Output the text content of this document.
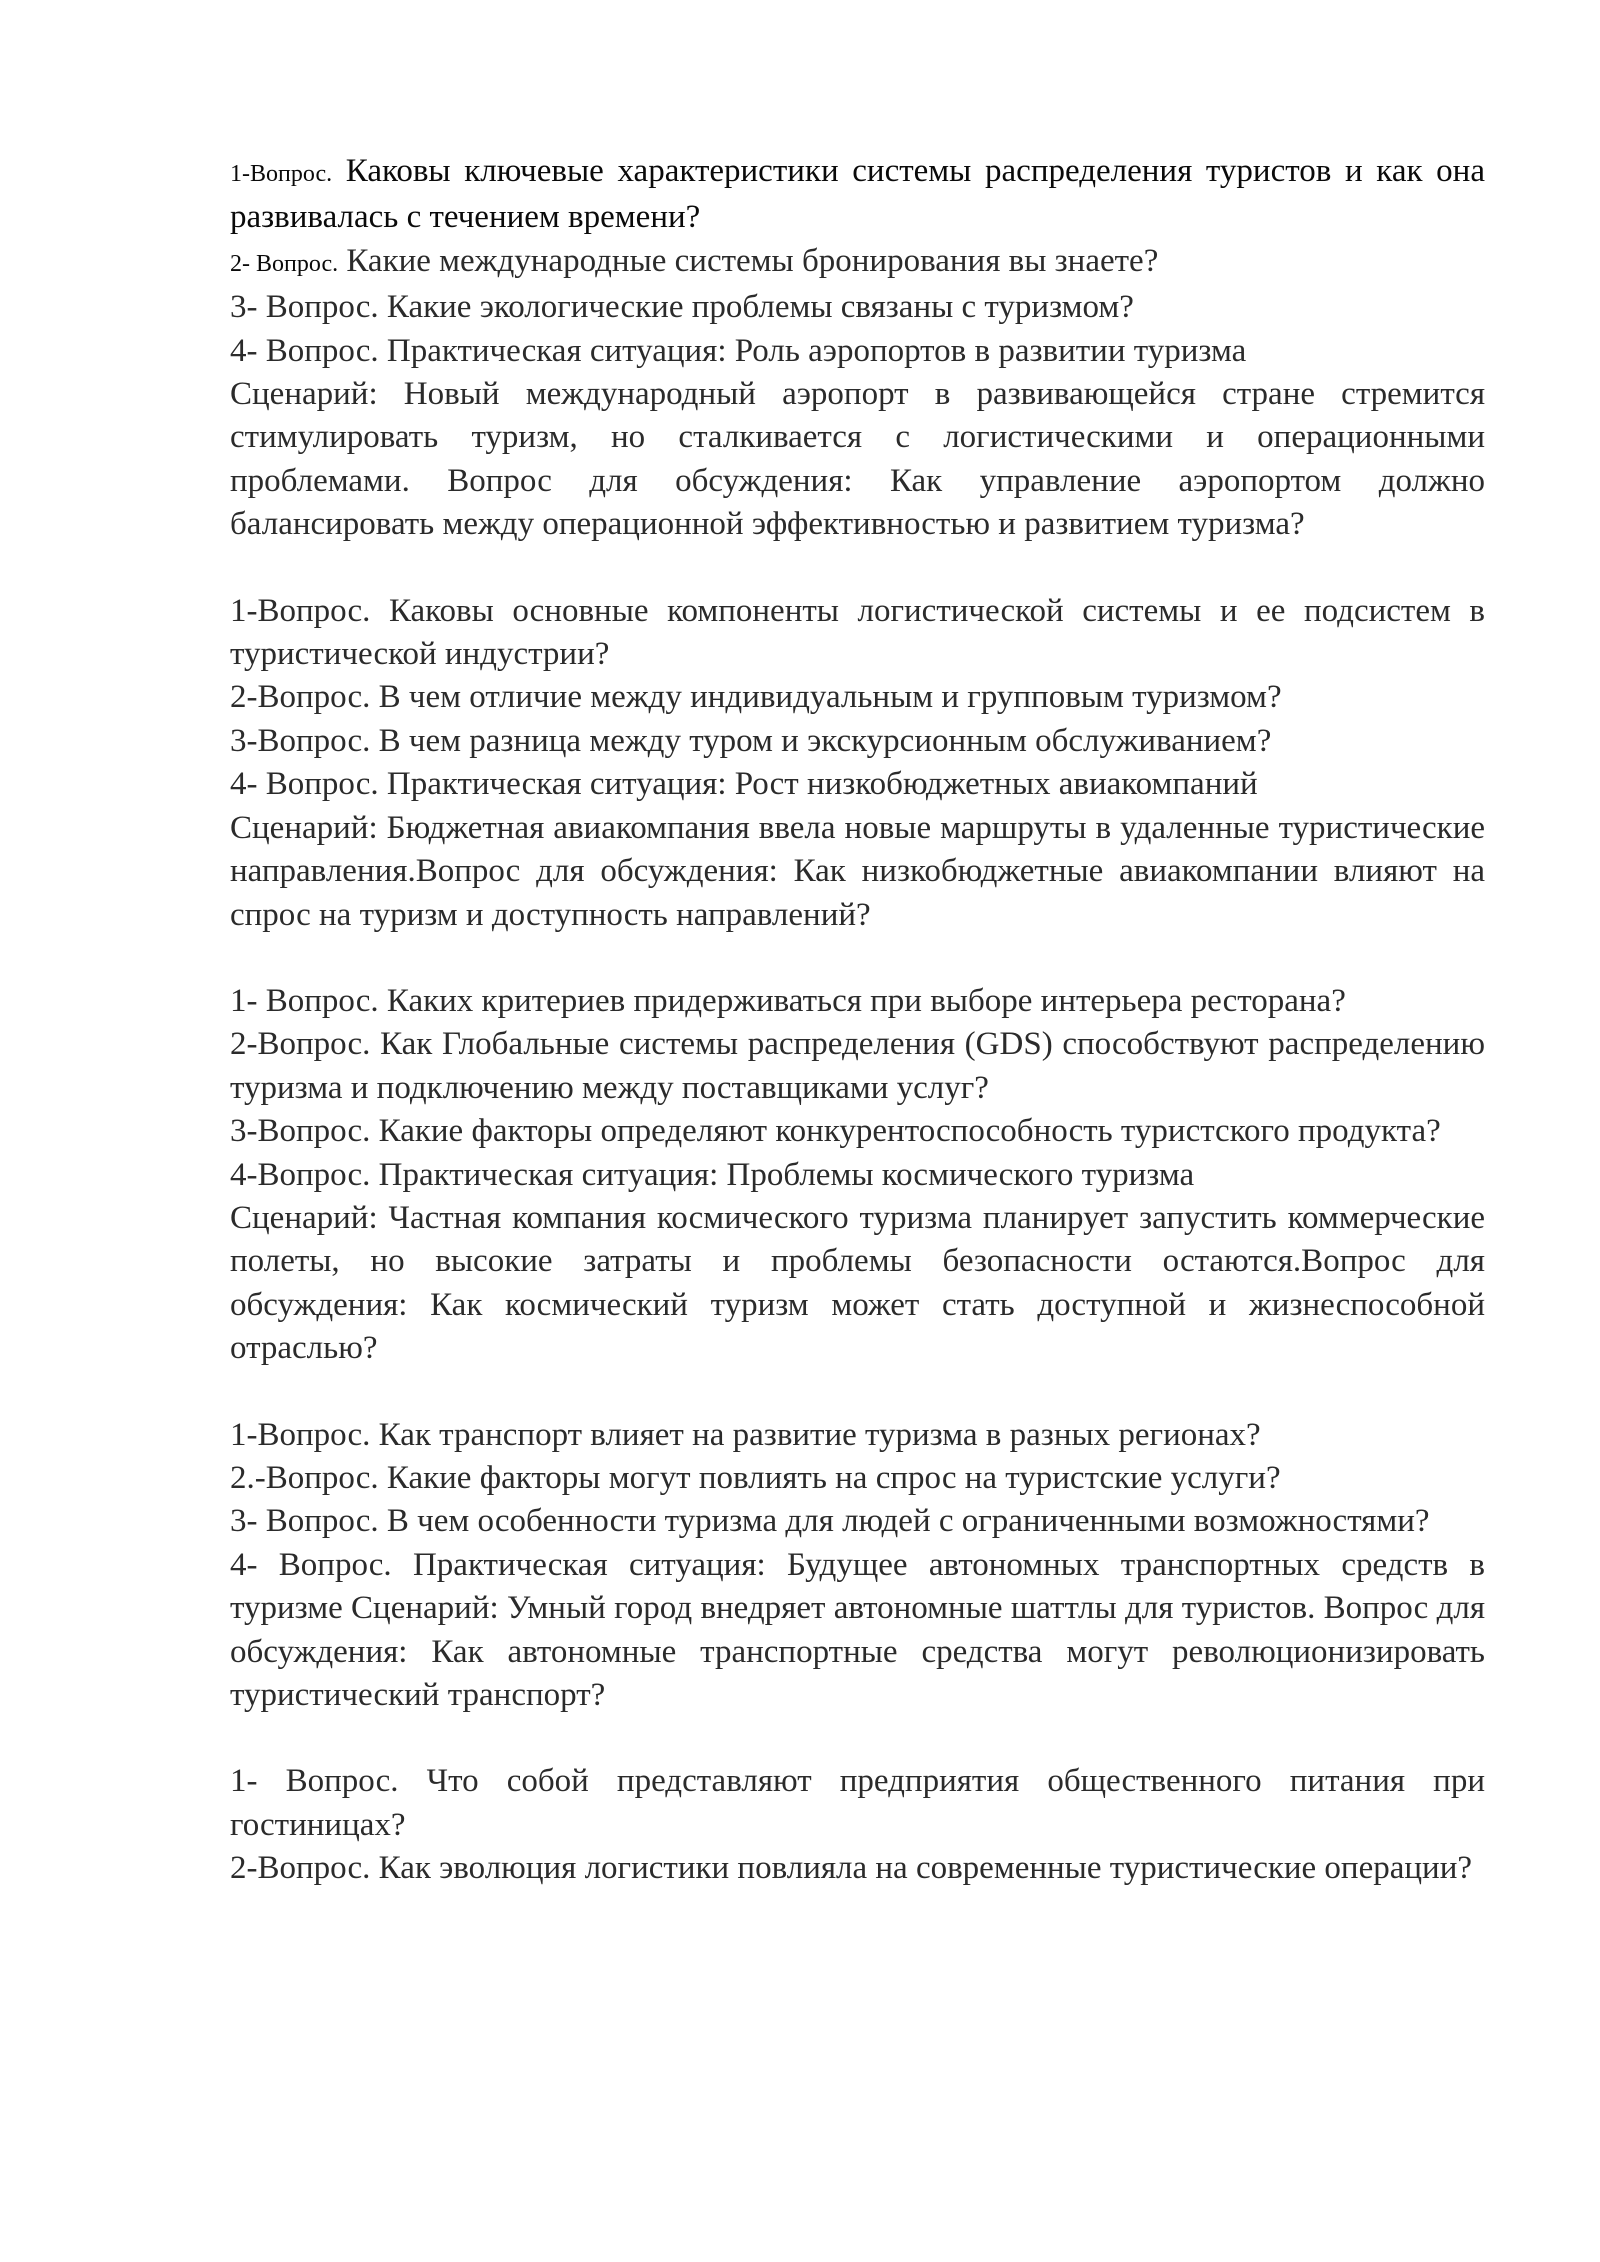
1-Вопрос. Каковы ключевые характеристики системы распределения туристов и как она развивалась с течением времени?

2- Вопрос. Какие международные системы бронирования вы знаете?

3- Вопрос. Какие экологические проблемы связаны с туризмом?

4- Вопрос. Практическая ситуация: Роль аэропортов в развитии туризма

Сценарий: Новый международный аэропорт в развивающейся стране стремится стимулировать туризм, но сталкивается с логистическими и операционными проблемами. Вопрос для обсуждения: Как управление аэропортом должно балансировать между операционной эффективностью и развитием туризма?

1-Вопрос. Каковы основные компоненты логистической системы и ее подсистем в туристической индустрии?

2-Вопрос. В чем отличие между индивидуальным и групповым туризмом?

3-Вопрос. В чем разница между туром и экскурсионным обслуживанием?

4- Вопрос. Практическая ситуация: Рост низкобюджетных авиакомпаний

Сценарий: Бюджетная авиакомпания ввела новые маршруты в удаленные туристические направления.Вопрос для обсуждения: Как низкобюджетные авиакомпании влияют на спрос на туризм и доступность направлений?

1- Вопрос. Каких критериев придерживаться при выборе интерьера ресторана?

2-Вопрос. Как Глобальные системы распределения (GDS) способствуют распределению туризма и подключению между поставщиками услуг?

3-Вопрос. Какие факторы определяют конкурентоспособность туристского продукта?

4-Вопрос. Практическая ситуация: Проблемы космического туризма

Сценарий: Частная компания космического туризма планирует запустить коммерческие полеты, но высокие затраты и проблемы безопасности остаются.Вопрос для обсуждения: Как космический туризм может стать доступной и жизнеспособной отраслью?

1-Вопрос. Как транспорт влияет на развитие туризма в разных регионах?

2.-Вопрос. Какие факторы могут повлиять на спрос на туристские услуги?

3- Вопрос. В чем особенности туризма для людей с ограниченными возможностями?

4- Вопрос. Практическая ситуация: Будущее автономных транспортных средств в туризме Сценарий: Умный город внедряет автономные шаттлы для туристов. Вопрос для обсуждения: Как автономные транспортные средства могут революционизировать туристический транспорт?

1- Вопрос. Что собой представляют предприятия общественного питания при гостиницах?

2-Вопрос. Как эволюция логистики повлияла на современные туристические операции?
